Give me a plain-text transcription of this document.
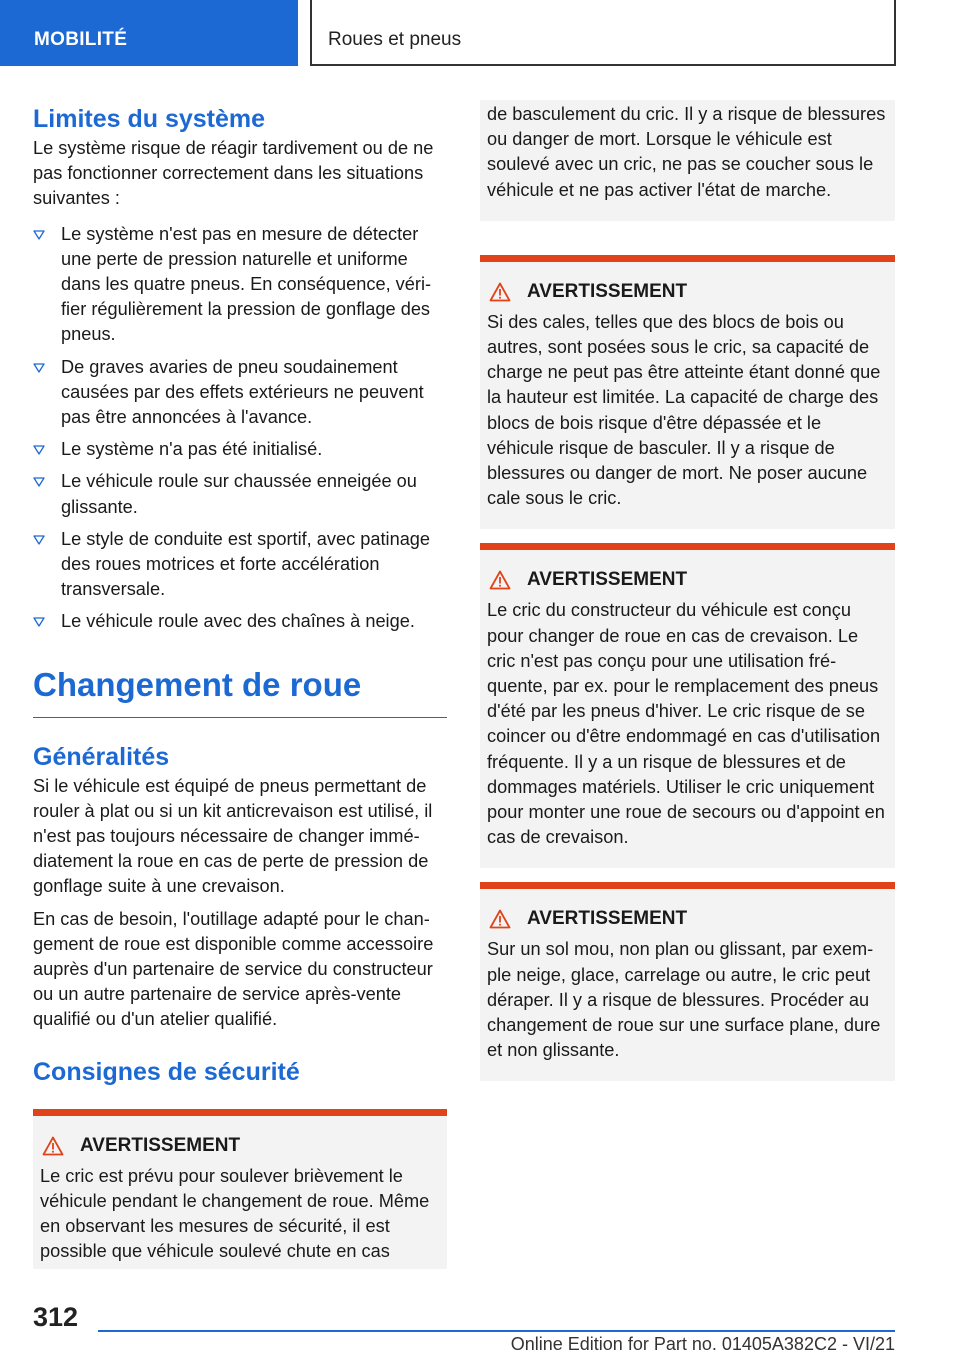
MOBILITÉ	Roues et pneus
Limites du système

Le système risque de réagir tardivement ou de ne pas fonctionner correctement dans les situations suivantes :

Le système n'est pas en mesure de détecter une perte de pression naturelle et uniforme dans les quatre pneus. En conséquence, vérifier régulièrement la pression de gonflage des pneus.
De graves avaries de pneu soudainement causées par des effets extérieurs ne peuvent pas être annoncées à l'avance.
Le système n'a pas été initialisé.
Le véhicule roule sur chaussée enneigée ou glissante.
Le style de conduite est sportif, avec patinage des roues motrices et forte accélération transversale.
Le véhicule roule avec des chaînes à neige.
Changement de roue
Généralités

Si le véhicule est équipé de pneus permettant de rouler à plat ou si un kit anticrevaison est utilisé, il n'est pas toujours nécessaire de changer immédiatement la roue en cas de perte de pression de gonflage suite à une crevaison.

En cas de besoin, l'outillage adapté pour le changement de roue est disponible comme accessoire auprès d'un partenaire de service du constructeur ou un autre partenaire de service après-vente qualifié ou d'un atelier qualifié.

Consignes de sécurité
AVERTISSEMENT

Le cric est prévu pour soulever brièvement le véhicule pendant le changement de roue. Même en observant les mesures de sécurité, il est possible que véhicule soulevé chute en cas

de basculement du cric. Il y a risque de blessures ou danger de mort. Lorsque le véhicule est soulevé avec un cric, ne pas se coucher sous le véhicule et ne pas activer l'état de marche.

AVERTISSEMENT

Si des cales, telles que des blocs de bois ou autres, sont posées sous le cric, sa capacité de charge ne peut pas être atteinte étant donné que la hauteur est limitée. La capacité de charge des blocs de bois risque d'être dépassée et le véhicule risque de basculer. Il y a risque de blessures ou danger de mort. Ne poser aucune cale sous le cric.

AVERTISSEMENT

Le cric du constructeur du véhicule est conçu pour changer de roue en cas de crevaison. Le cric n'est pas conçu pour une utilisation fréquente, par ex. pour le remplacement des pneus d'été par les pneus d'hiver. Le cric risque de se coincer ou d'être endommagé en cas d'utilisation fréquente. Il y a un risque de blessures et de dommages matériels. Utiliser le cric uniquement pour monter une roue de secours ou d'appoint en cas de crevaison.

AVERTISSEMENT

Sur un sol mou, non plan ou glissant, par exemple neige, glace, carrelage ou autre, le cric peut déraper. Il y a risque de blessures. Procéder au changement de roue sur une surface plane, dure et non glissante.

312
Online Edition for Part no. 01405A382C2 - VI/21
